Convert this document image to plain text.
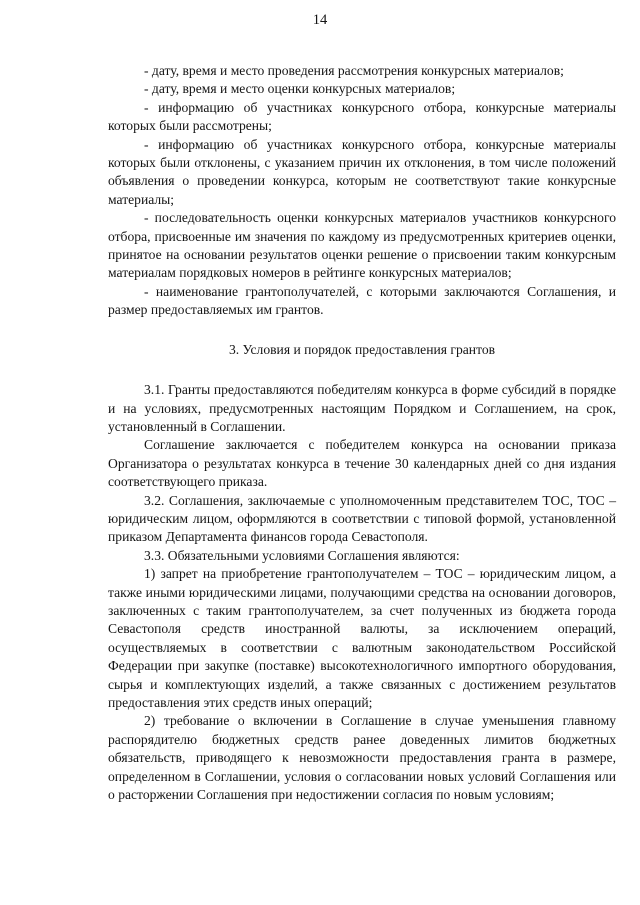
14

- дату, время и место проведения рассмотрения конкурсных материалов;

- дату, время и место оценки конкурсных материалов;

- информацию об участниках конкурсного отбора, конкурсные материалы которых были рассмотрены;

- информацию об участниках конкурсного отбора, конкурсные материалы которых были отклонены, с указанием причин их отклонения, в том числе положений объявления о проведении конкурса, которым не соответствуют такие конкурсные материалы;

- последовательность оценки конкурсных материалов участников конкурсного отбора, присвоенные им значения по каждому из предусмотренных критериев оценки, принятое на основании результатов оценки решение о присвоении таким конкурсным материалам порядковых номеров в рейтинге конкурсных материалов;

- наименование грантополучателей, с которыми заключаются Соглашения, и размер предоставляемых им грантов.

3. Условия и порядок предоставления грантов

3.1. Гранты предоставляются победителям конкурса в форме субсидий в порядке и на условиях, предусмотренных настоящим Порядком и Соглашением, на срок, установленный в Соглашении.

Соглашение заключается с победителем конкурса на основании приказа Организатора о результатах конкурса в течение 30 календарных дней со дня издания соответствующего приказа.

3.2. Соглашения, заключаемые с уполномоченным представителем ТОС, ТОС – юридическим лицом, оформляются в соответствии с типовой формой, установленной приказом Департамента финансов города Севастополя.

3.3. Обязательными условиями Соглашения являются:

1) запрет на приобретение грантополучателем – ТОС – юридическим лицом, а также иными юридическими лицами, получающими средства на основании договоров, заключенных с таким грантополучателем, за счет полученных из бюджета города Севастополя средств иностранной валюты, за исключением операций, осуществляемых в соответствии с валютным законодательством Российской Федерации при закупке (поставке) высокотехнологичного импортного оборудования, сырья и комплектующих изделий, а также связанных с достижением результатов предоставления этих средств иных операций;

2) требование о включении в Соглашение в случае уменьшения главному распорядителю бюджетных средств ранее доведенных лимитов бюджетных обязательств, приводящего к невозможности предоставления гранта в размере, определенном в Соглашении, условия о согласовании новых условий Соглашения или о расторжении Соглашения при недостижении согласия по новым условиям;
